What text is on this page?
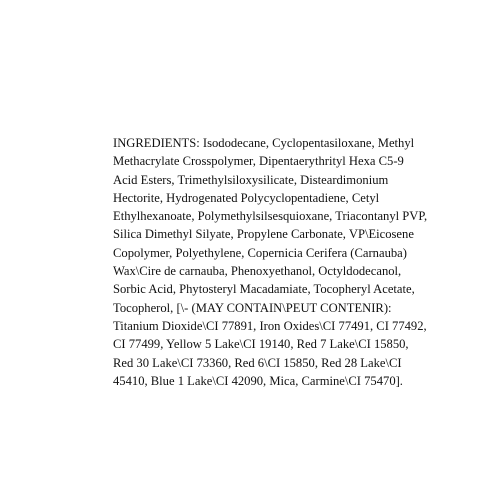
INGREDIENTS: Isododecane, Cyclopentasiloxane, Methyl
Methacrylate Crosspolymer, Dipentaerythrityl Hexa C5-9
Acid Esters, Trimethylsiloxysilicate, Disteardimonium
Hectorite, Hydrogenated Polycyclopentadiene, Cetyl
Ethylhexanoate, Polymethylsilsesquioxane, Triacontanyl PVP,
Silica Dimethyl Silyate, Propylene Carbonate, VP\Eicosene
Copolymer, Polyethylene, Copernicia Cerifera (Carnauba)
Wax\Cire de carnauba, Phenoxyethanol, Octyldodecanol,
Sorbic Acid, Phytosteryl Macadamiate, Tocopheryl Acetate,
Tocopherol, [\- (MAY CONTAIN\PEUT CONTENIR):
Titanium Dioxide\CI 77891, Iron Oxides\CI 77491, CI 77492,
CI 77499, Yellow 5 Lake\CI 19140, Red 7 Lake\CI 15850,
Red 30 Lake\CI 73360, Red 6\CI 15850, Red 28 Lake\CI
45410, Blue 1 Lake\CI 42090, Mica, Carmine\CI 75470].
